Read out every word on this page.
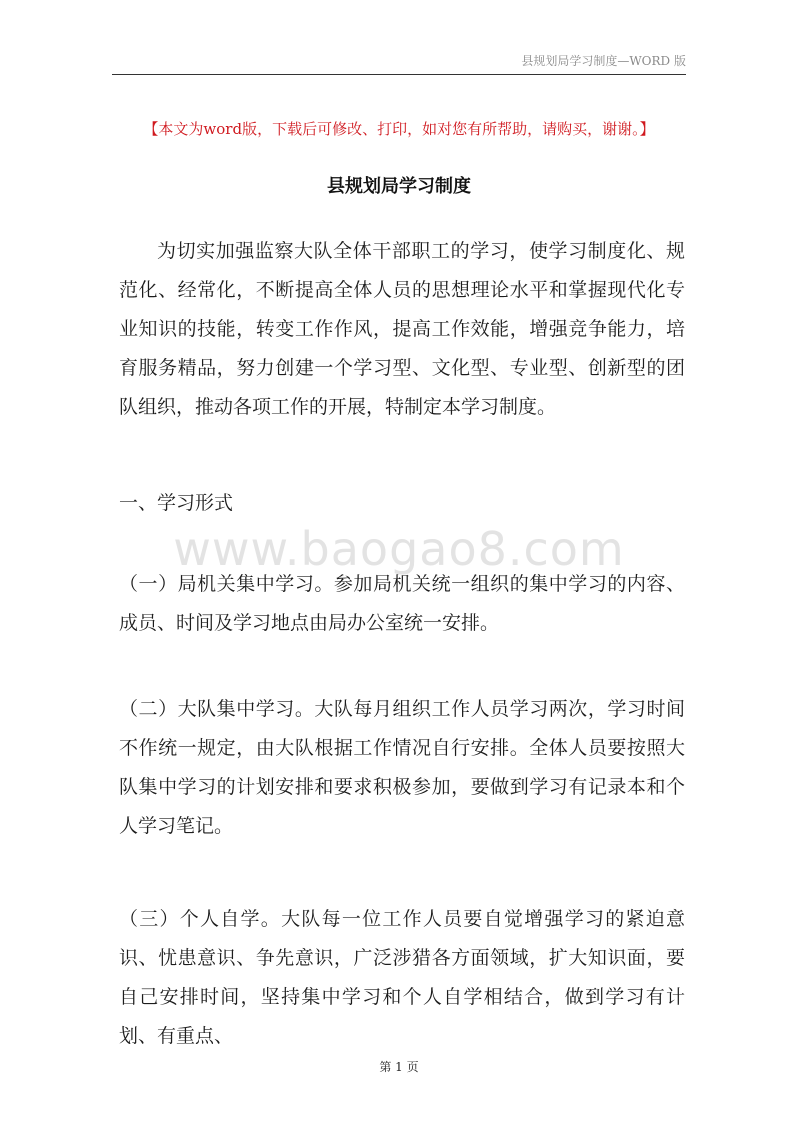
县规划局学习制度—WORD 版
【本文为word版，下载后可修改、打印，如对您有所帮助，请购买，谢谢。】
县规划局学习制度

为切实加强监察大队全体干部职工的学习，使学习制度化、规范化、经常化，不断提高全体人员的思想理论水平和掌握现代化专业知识的技能，转变工作作风，提高工作效能，增强竞争能力，培育服务精品，努力创建一个学习型、文化型、专业型、创新型的团队组织，推动各项工作的开展，特制定本学习制度。

一、学习形式

www.baogao8.com

（一）局机关集中学习。参加局机关统一组织的集中学习的内容、成员、时间及学习地点由局办公室统一安排。

（二）大队集中学习。大队每月组织工作人员学习两次，学习时间不作统一规定，由大队根据工作情况自行安排。全体人员要按照大队集中学习的计划安排和要求积极参加，要做到学习有记录本和个人学习笔记。

（三）个人自学。大队每一位工作人员要自觉增强学习的紧迫意识、忧患意识、争先意识，广泛涉猎各方面领域，扩大知识面，要自己安排时间，坚持集中学习和个人自学相结合，做到学习有计划、有重点、

第 1 页
